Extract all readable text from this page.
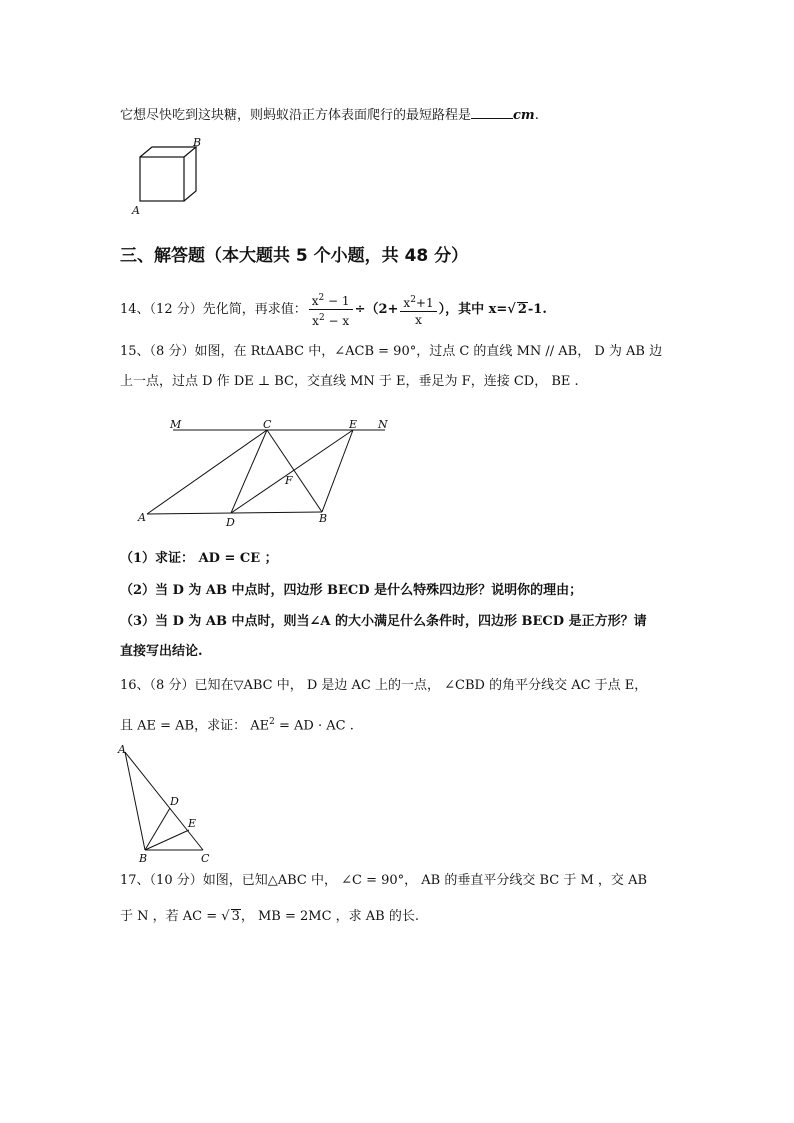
它想尽快吃到这块糖，则蚂蚁沿正方体表面爬行的最短路程是	cm.
B
A
三、解答题（本大题共 5 个小题，共 48 分）
14、（12 分）先化简，再求值： $\frac{x^2 - 1}{x^2 - x} \div(2+ \frac{x^2+1}{x}$ ），其中 x=√ 2-1.
15、（8 分）如图，在 RtΔABC 中，∠ACB = 90°，过点 C 的直线 MN // AB， D 为 AB 边
上一点，过点 D 作 DE ⊥ BC，交直线 MN 于 E，垂足为 F，连接 CD， BE .
M	C	E N
F
A	D	B
（1）求证： AD = CE ；
（2）当 D 为 AB 中点时，四边形 BECD 是什么特殊四边形？说明你的理由；
（3）当 D 为 AB 中点时，则当∠A 的大小满足什么条件时，四边形 BECD 是正方形？请
直接写出结论.
16、（8 分）已知在▽ABC 中， D 是边 AC 上的一点， ∠CBD 的角平分线交 AC 于点 E，
且 AE = AB，求证： $AE^2$ = AD · AC .
A
D
E
B	C
17、（10 分）如图，已知△ABC 中， ∠C = 90°， AB 的垂直平分线交 BC 于 M ，交 AB
于 N ，若 AC = √ 3， MB = 2MC ，求 AB 的长.
